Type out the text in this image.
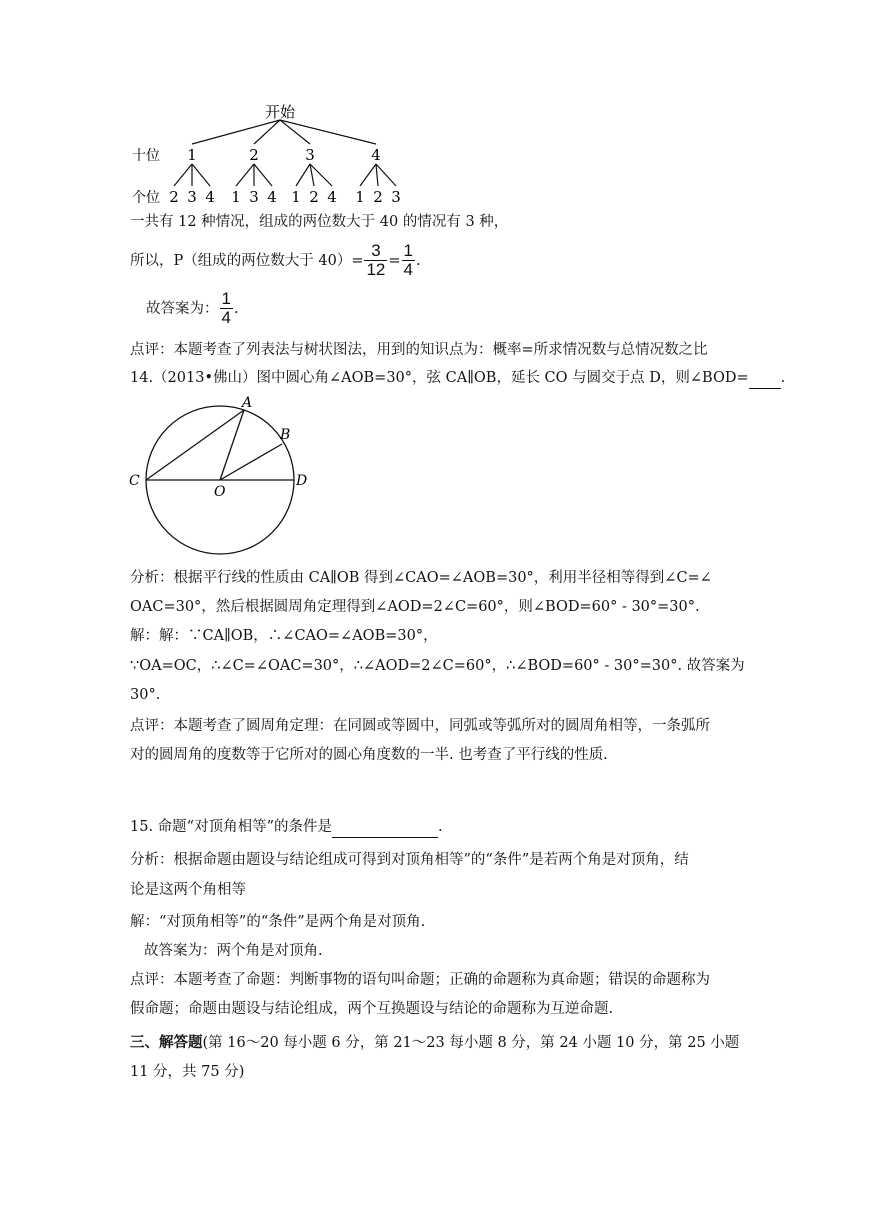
开始
十位
个位
1	2	3	4
2 3 4 1 3 4 1 2 4 1 2 3
一共有 12 种情况，组成的两位数大于 40 的情况有 3 种，
所以，P（组成的两位数大于 $40)= \frac{3}{12} = \frac{1}{4}$ .
故答案为： $\frac{1}{4}$ .
点评：本题考查了列表法与树状图法，用到的知识点为：概率=所求情况数与总情况数之比
14.（2013•佛山）图中圆心角∠AOB=30°，弦 CA∥OB，延长 CO 与圆交于点 D，则∠BOD= .
A
B
C
O
D
分析：根据平行线的性质由 CA∥OB 得到∠CAO=∠AOB=30°，利用半径相等得到∠C=∠
OAC=30°，然后根据圆周角定理得到∠AOD=2∠C=60°，则∠BOD=60° - 30°=30°.
解：解：∵CA∥OB，∴∠CAO=∠AOB=30°，
∵OA=OC，∴∠C=∠OAC=30°，∴∠AOD=2∠C=60°，∴∠BOD=60° - 30°=30°. 故答案为
30°.
点评：本题考查了圆周角定理：在同圆或等圆中，同弧或等弧所对的圆周角相等，一条弧所
对的圆周角的度数等于它所对的圆心角度数的一半. 也考查了平行线的性质.
15. 命题“对顶角相等”的条件是	.
分析：根据命题由题设与结论组成可得到对顶角相等”的“条件”是若两个角是对顶角，结
论是这两个角相等
解：“对顶角相等”的“条件”是两个角是对顶角.
故答案为：两个角是对顶角.
点评：本题考查了命题：判断事物的语句叫命题；正确的命题称为真命题；错误的命题称为
假命题；命题由题设与结论组成，两个互换题设与结论的命题称为互逆命题.
三、解答题(第 16～20 每小题 6 分，第 21～23 每小题 8 分，第 24 小题 10 分，第 25 小题
11 分，共 75 分)
